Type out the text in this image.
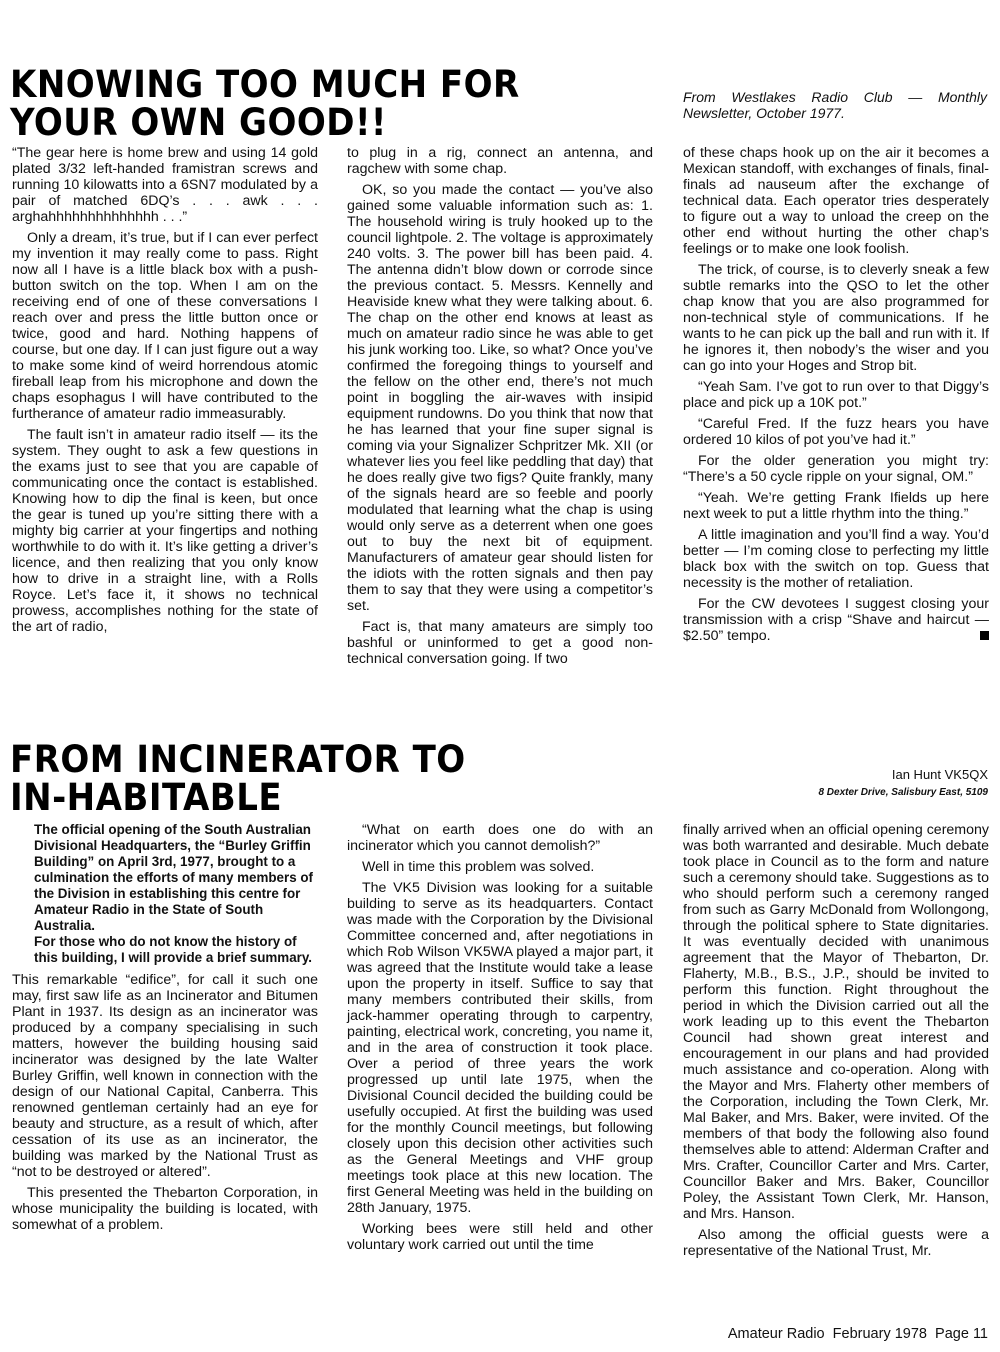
KNOWING TOO MUCH FOR
YOUR OWN GOOD!!
From Westlakes Radio Club — Monthly Newsletter, October 1977.

“The gear here is home brew and using 14 gold plated 3/32 left-handed framistran screws and running 10 kilowatts into a 6SN7 modulated by a pair of matched 6DQ’s . . . awk . . . arghahhhhhhhhhhhhhh . . .”

Only a dream, it’s true, but if I can ever perfect my invention it may really come to pass. Right now all I have is a little black box with a push-button switch on the top. When I am on the receiving end of one of these conversations I reach over and press the little button once or twice, good and hard. Nothing happens of course, but one day. If I can just figure out a way to make some kind of weird horrendous atomic fireball leap from his microphone and down the chaps esophagus I will have contributed to the furtherance of amateur radio immeasurably.

The fault isn’t in amateur radio itself — its the system. They ought to ask a few questions in the exams just to see that you are capable of communicating once the contact is established. Knowing how to dip the final is keen, but once the gear is tuned up you’re sitting there with a mighty big carrier at your fingertips and nothing worthwhile to do with it. It’s like getting a driver’s licence, and then realizing that you only know how to drive in a straight line, with a Rolls Royce. Let’s face it, it shows no technical prowess, accomplishes nothing for the state of the art of radio,

to plug in a rig, connect an antenna, and ragchew with some chap.

OK, so you made the contact — you’ve also gained some valuable information such as: 1. The household wiring is truly hooked up to the council lightpole. 2. The voltage is approximately 240 volts. 3. The power bill has been paid. 4. The antenna didn’t blow down or corrode since the previous contact. 5. Messrs. Kennelly and Heaviside knew what they were talking about. 6. The chap on the other end knows at least as much on amateur radio since he was able to get his junk working too. Like, so what? Once you’ve confirmed the foregoing things to yourself and the fellow on the other end, there’s not much point in boggling the air-waves with insipid equipment rundowns. Do you think that now that he has learned that your fine super signal is coming via your Signalizer Schpritzer Mk. XII (or whatever lies you feel like peddling that day) that he does really give two figs? Quite frankly, many of the signals heard are so feeble and poorly modulated that learning what the chap is using would only serve as a deterrent when one goes out to buy the next bit of equipment. Manufacturers of amateur gear should listen for the idiots with the rotten signals and then pay them to say that they were using a competitor’s set.

Fact is, that many amateurs are simply too bashful or uninformed to get a good non-technical conversation going. If two

of these chaps hook up on the air it becomes a Mexican standoff, with exchanges of finals, final-finals ad nauseum after the exchange of technical data. Each operator tries desperately to figure out a way to unload the creep on the other end without hurting the other chap’s feelings or to make one look foolish.

The trick, of course, is to cleverly sneak a few subtle remarks into the QSO to let the other chap know that you are also programmed for non-technical style of communications. If he wants to he can pick up the ball and run with it. If he ignores it, then nobody’s the wiser and you can go into your Hoges and Strop bit.

“Yeah Sam. I’ve got to run over to that Diggy’s place and pick up a 10K pot.”

“Careful Fred. If the fuzz hears you have ordered 10 kilos of pot you’ve had it.”

For the older generation you might try: “There’s a 50 cycle ripple on your signal, OM.”

“Yeah. We’re getting Frank Ifields up here next week to put a little rhythm into the thing.”

A little imagination and you’ll find a way. You’d better — I’m coming close to perfecting my little black box with the switch on top. Guess that necessity is the mother of retaliation.

For the CW devotees I suggest closing your transmission with a crisp “Shave and haircut — $2.50” tempo.

FROM INCINERATOR TO
IN-HABITABLE
Ian Hunt VK5QX
8 Dexter Drive, Salisbury East, 5109

The official opening of the South Australian Divisional Headquarters, the “Burley Griffin Building” on April 3rd, 1977, brought to a culmination the efforts of many members of the Division in establishing this centre for Amateur Radio in the State of South Australia.

For those who do not know the history of this building, I will provide a brief summary.

This remarkable “edifice”, for call it such one may, first saw life as an Incinerator and Bitumen Plant in 1937. Its design as an incinerator was produced by a company specialising in such matters, however the building housing said incinerator was designed by the late Walter Burley Griffin, well known in connection with the design of our National Capital, Canberra. This renowned gentleman certainly had an eye for beauty and structure, as a result of which, after cessation of its use as an incinerator, the building was marked by the National Trust as “not to be destroyed or altered”.

This presented the Thebarton Corporation, in whose municipality the building is located, with somewhat of a problem.

“What on earth does one do with an incinerator which you cannot demolish?”

Well in time this problem was solved.

The VK5 Division was looking for a suitable building to serve as its headquarters. Contact was made with the Corporation by the Divisional Committee concerned and, after negotiations in which Rob Wilson VK5WA played a major part, it was agreed that the Institute would take a lease upon the property in itself. Suffice to say that many members contributed their skills, from jack-hammer operating through to carpentry, painting, electrical work, concreting, you name it, and in the area of construction it took place. Over a period of three years the work progressed up until late 1975, when the Divisional Council decided the building could be usefully occupied. At first the building was used for the monthly Council meetings, but following closely upon this decision other activities such as the General Meetings and VHF group meetings took place at this new location. The first General Meeting was held in the building on 28th January, 1975.

Working bees were still held and other voluntary work carried out until the time

finally arrived when an official opening ceremony was both warranted and desirable. Much debate took place in Council as to the form and nature such a ceremony should take. Suggestions as to who should perform such a ceremony ranged from such as Garry McDonald from Wollongong, through the political sphere to State dignitaries. It was eventually decided with unanimous agreement that the Mayor of Thebarton, Dr. Flaherty, M.B., B.S., J.P., should be invited to perform this function. Right throughout the period in which the Division carried out all the work leading up to this event the Thebarton Council had shown great interest and encouragement in our plans and had provided much assistance and co-operation. Along with the Mayor and Mrs. Flaherty other members of the Corporation, including the Town Clerk, Mr. Mal Baker, and Mrs. Baker, were invited. Of the members of that body the following also found themselves able to attend: Alderman Crafter and Mrs. Crafter, Councillor Carter and Mrs. Carter, Councillor Baker and Mrs. Baker, Councillor Poley, the Assistant Town Clerk, Mr. Hanson, and Mrs. Hanson.

Also among the official guests were a representative of the National Trust, Mr.

Amateur Radio February 1978 Page 11
